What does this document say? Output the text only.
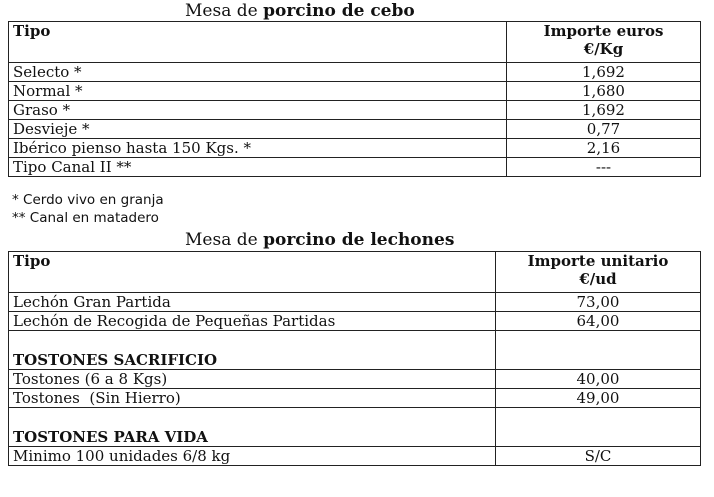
Mesa de porcino de cebo
Tipo	Importe euros
€/Kg

Selecto *	1,692
Normal *	1,680
Graso *	1,692
Desvieje *	0,77
Ibérico pienso hasta 150 Kgs. *	2,16
Tipo Canal II **	---
* Cerdo vivo en granja
** Canal en matadero
Mesa de porcino de lechones
Tipo	Importe unitario
€/ud

Lechón Gran Partida	73,00
Lechón de Recogida de Pequeñas Partidas	64,00
TOSTONES SACRIFICIO	
Tostones (6 a 8 Kgs)	40,00
Tostones  (Sin Hierro)	49,00
TOSTONES PARA VIDA	
Minimo 100 unidades 6/8 kg	S/C
